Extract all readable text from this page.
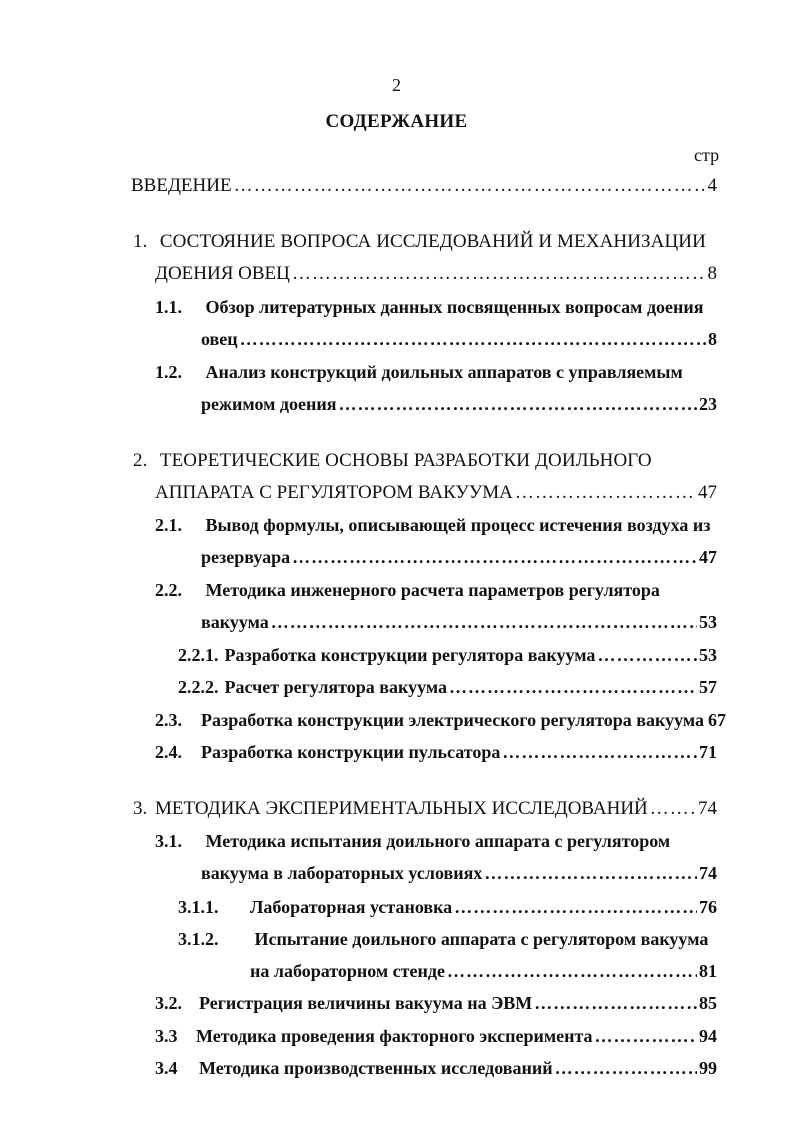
2
СОДЕРЖАНИЕ
стр
ВВЕДЕНИЕ ……………………………………………………………………………………………………………………………………………………………………	4
1. СОСТОЯНИЕ ВОПРОСА ИССЛЕДОВАНИЙ И МЕХАНИЗАЦИИ
ДОЕНИЯ ОВЕЦ ……………………………………………………………………………………………………………………………………………………………………	8
1.1. Обзор литературных данных посвященных вопросам доения
овец ……………………………………………………………………………………………………………………………………………………………………	8
1.2. Анализ конструкций доильных аппаратов с управляемым
режимом доения ……………………………………………………………………………………………………………………………………………………………………	23
2. ТЕОРЕТИЧЕСКИЕ ОСНОВЫ РАЗРАБОТКИ ДОИЛЬНОГО
АППАРАТА С РЕГУЛЯТОРОМ ВАКУУМА ……………………………………………………………………………………………………………………………………………………………………	47
2.1. Вывод формулы, описывающей процесс истечения воздуха из
резервуара ……………………………………………………………………………………………………………………………………………………………………	47
2.2. Методика инженерного расчета параметров регулятора
вакуума ……………………………………………………………………………………………………………………………………………………………………	53
2.2.1. Разработка конструкции регулятора вакуума ……………………………………………………………………………………………………………………………………………………………………	53
2.2.2. Расчет регулятора вакуума ……………………………………………………………………………………………………………………………………………………………………	57
2.3.	Разработка конструкции электрического регулятора вакуума 67
2.4.	Разработка конструкции пульсатора ……………………………………………………………………………………………………………………………………………………………………	71
3. МЕТОДИКА ЭКСПЕРИМЕНТАЛЬНЫХ ИССЛЕДОВАНИЙ ……………………………………………………………………………………………………………………………………………………………………	74
3.1. Методика испытания доильного аппарата с регулятором
вакуума в лабораторных условиях ……………………………………………………………………………………………………………………………………………………………………	74
3.1.1.	Лабораторная установка ……………………………………………………………………………………………………………………………………………………………………	76
3.1.2. Испытание доильного аппарата с регулятором вакуума
на лабораторном стенде ……………………………………………………………………………………………………………………………………………………………………	81
3.2. Регистрация величины вакуума на ЭВМ ……………………………………………………………………………………………………………………………………………………………………	85
3.3	Методика проведения факторного эксперимента ……………………………………………………………………………………………………………………………………………………………………	94
3.4	Методика производственных исследований ……………………………………………………………………………………………………………………………………………………………………	99
